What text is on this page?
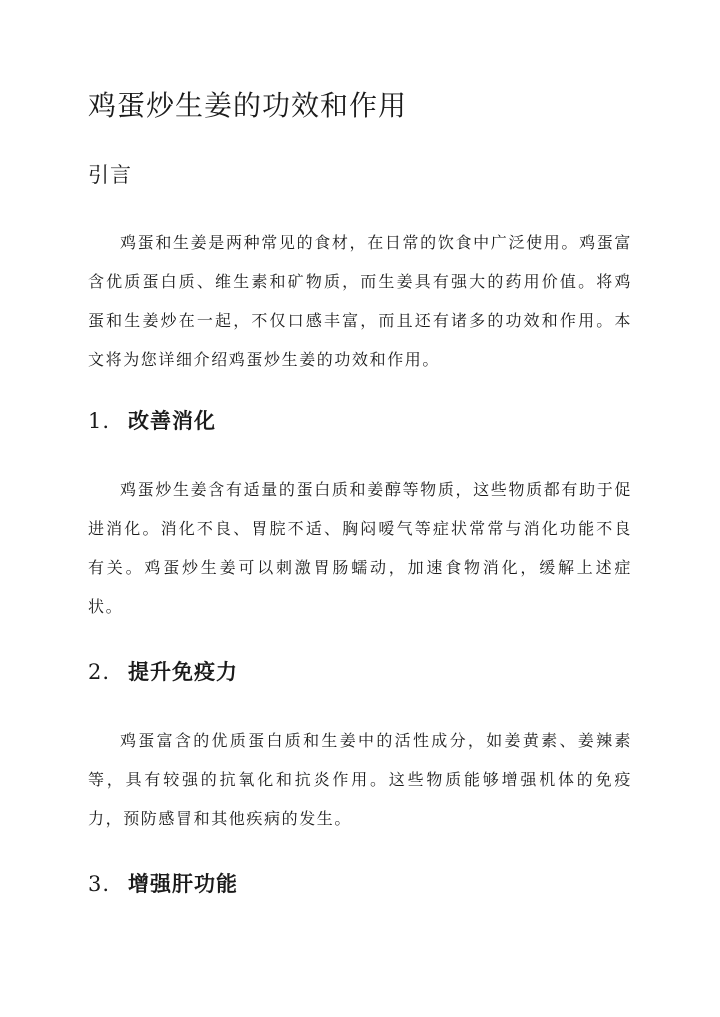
鸡蛋炒生姜的功效和作用
引言

鸡蛋和生姜是两种常见的食材，在日常的饮食中广泛使用。鸡蛋富含优质蛋白质、维生素和矿物质，而生姜具有强大的药用价值。将鸡蛋和生姜炒在一起，不仅口感丰富，而且还有诸多的功效和作用。本文将为您详细介绍鸡蛋炒生姜的功效和作用。

1. 改善消化

鸡蛋炒生姜含有适量的蛋白质和姜醇等物质，这些物质都有助于促进消化。消化不良、胃脘不适、胸闷嗳气等症状常常与消化功能不良有关。鸡蛋炒生姜可以刺激胃肠蠕动，加速食物消化，缓解上述症状。

2. 提升免疫力

鸡蛋富含的优质蛋白质和生姜中的活性成分，如姜黄素、姜辣素等，具有较强的抗氧化和抗炎作用。这些物质能够增强机体的免疫力，预防感冒和其他疾病的发生。

3. 增强肝功能
